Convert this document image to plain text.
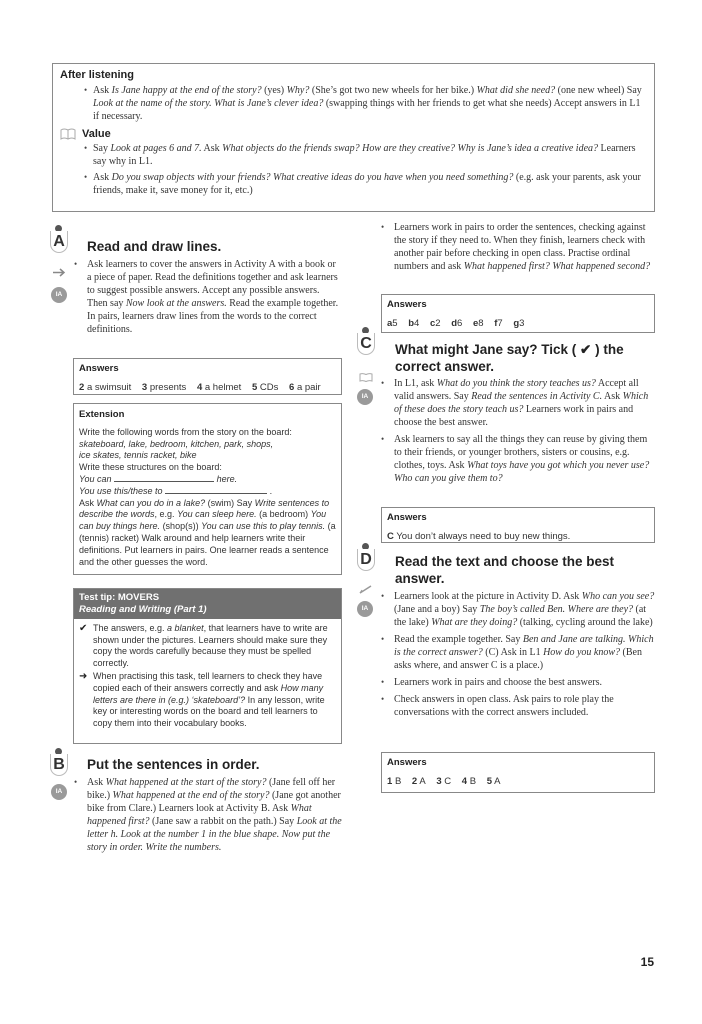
After listening
• Ask Is Jane happy at the end of the story? (yes) Why? (She’s got two new wheels for her bike.) What did she need? (one new wheel) Say Look at the name of the story. What is Jane’s clever idea? (swapping things with her friends to get what she needs) Accept answers in L1 if necessary.
Value
• Say Look at pages 6 and 7. Ask What objects do the friends swap? How are they creative? Why is Jane’s idea a creative idea? Learners say why in L1.
• Ask Do you swap objects with your friends? What creative ideas do you have when you need something? (e.g. ask your parents, ask your friends, make it, save money for it, etc.)
A
IA
Read and draw lines.
• Ask learners to cover the answers in Activity A with a book or a piece of paper. Read the definitions together and ask learners to suggest possible answers. Accept any possible answers. Then say Now look at the answers. Read the example together. In pairs, learners draw lines from the words to the correct definitions.
Answers
2 a swimsuit 3 presents 4 a helmet 5 CDs 6 a pair
Extension
Write the following words from the story on the board:
skateboard, lake, bedroom, kitchen, park, shops,
ice skates, tennis racket, bike
Write these structures on the board:
You can	here.
You use this/these to	.
Ask What can you do in a lake? (swim) Say Write sentences to describe the words, e.g. You can sleep here. (a bedroom) You can buy things here. (shop(s)) You can use this to play tennis. (a (tennis) racket) Walk around and help learners write their definitions. Put learners in pairs. One learner reads a sentence and the other guesses the word.
Test tip: MOVERS
Reading and Writing (Part 1)
✔ The answers, e.g. a blanket, that learners have to write are shown under the pictures. Learners should make sure they copy the words carefully because they must be spelled correctly.
➜ When practising this task, tell learners to check they have copied each of their answers correctly and ask How many letters are there in (e.g.) ‘skateboard’? In any lesson, write key or interesting words on the board and tell learners to copy them into their vocabulary books.
B
IA
Put the sentences in order.
• Ask What happened at the start of the story? (Jane fell off her bike.) What happened at the end of the story? (Jane got another bike from Clare.) Learners look at Activity B. Ask What happened first? (Jane saw a rabbit on the path.) Say Look at the letter h. Look at the number 1 in the blue shape. Now put the story in order. Write the numbers.
• Learners work in pairs to order the sentences, checking against the story if they need to. When they finish, learners check with another pair before checking in open class. Practise ordinal numbers and ask What happened first? What happened second?
Answers
a5 b4 c2 d6 e8 f7 g3
C
IA
What might Jane say? Tick ( ✔ ) the
correct answer.
• In L1, ask What do you think the story teaches us? Accept all valid answers. Say Read the sentences in Activity C. Ask Which of these does the story teach us? Learners work in pairs and choose the best answer.
• Ask learners to say all the things they can reuse by giving them to their friends, or younger brothers, sisters or cousins, e.g. clothes, toys. Ask What toys have you got which you never use? Who can you give them to?
Answers
C You don’t always need to buy new things.
D
IA
Read the text and choose the best
answer.
• Learners look at the picture in Activity D. Ask Who can you see? (Jane and a boy) Say The boy’s called Ben. Where are they? (at the lake) What are they doing? (talking, cycling around the lake)
• Read the example together. Say Ben and Jane are talking. Which is the correct answer? (C) Ask in L1 How do you know? (Ben asks where, and answer C is a place.)
• Learners work in pairs and choose the best answers.
• Check answers in open class. Ask pairs to role play the conversations with the correct answers included.
Answers
1 B 2 A 3 C 4 B 5 A
15
